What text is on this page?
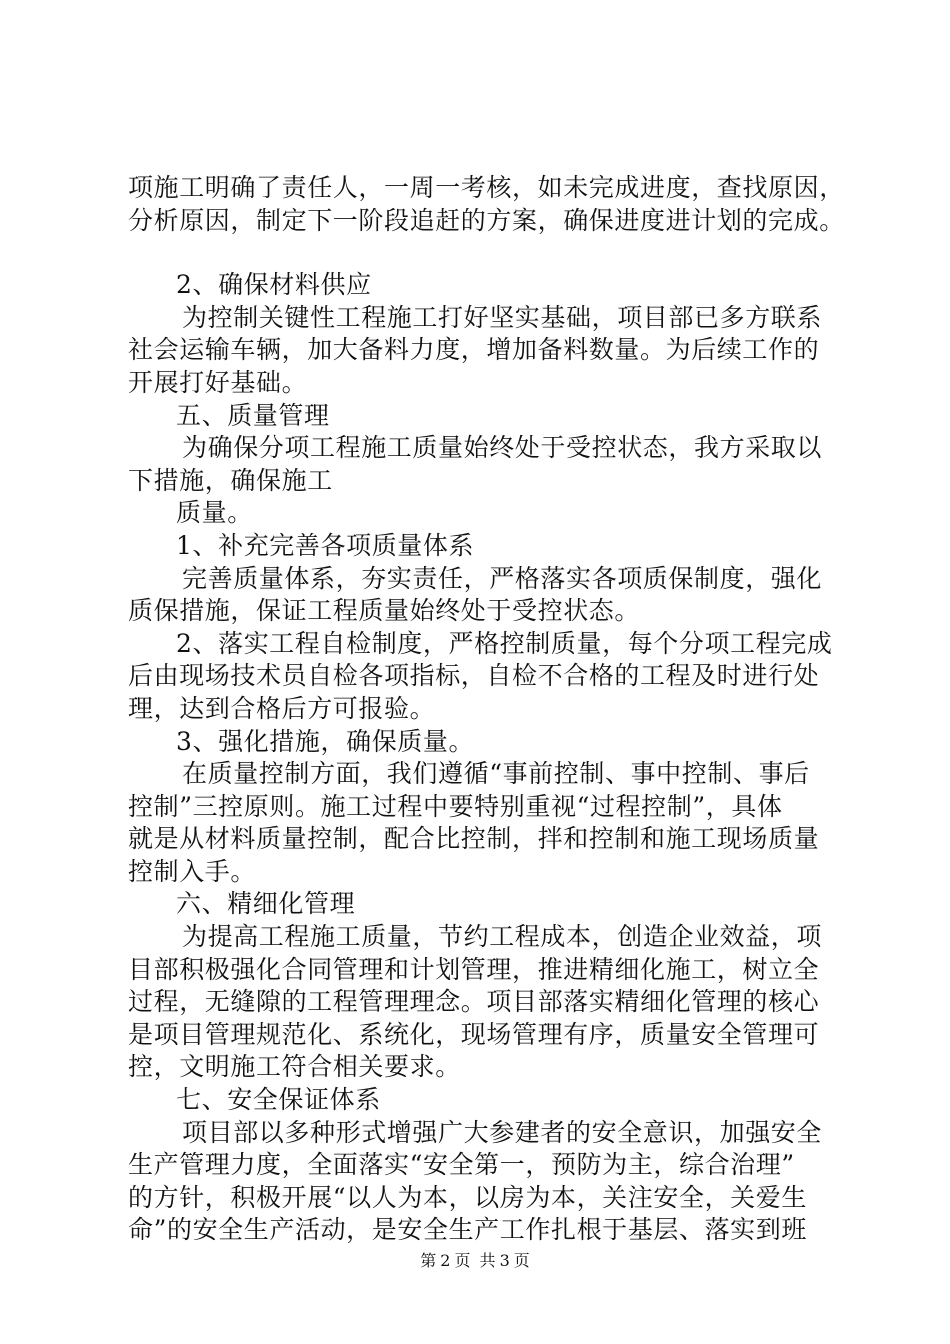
项施工明确了责任人，一周一考核，如未完成进度，查找原因，
分析原因，制定下一阶段追赶的方案，确保进度进计划的完成。
2、确保材料供应
为控制关键性工程施工打好坚实基础，项目部已多方联系
社会运输车辆，加大备料力度，增加备料数量。为后续工作的
开展打好基础。
五、质量管理
为确保分项工程施工质量始终处于受控状态，我方采取以
下措施，确保施工
质量。
1、补充完善各项质量体系
完善质量体系，夯实责任，严格落实各项质保制度，强化
质保措施，保证工程质量始终处于受控状态。
2、落实工程自检制度，严格控制质量，每个分项工程完成
后由现场技术员自检各项指标，自检不合格的工程及时进行处
理，达到合格后方可报验。
3、强化措施，确保质量。
在质量控制方面，我们遵循“事前控制、事中控制、事后
控制”三控原则。施工过程中要特别重视“过程控制”，具体
就是从材料质量控制，配合比控制，拌和控制和施工现场质量
控制入手。
六、精细化管理
为提高工程施工质量，节约工程成本，创造企业效益，项
目部积极强化合同管理和计划管理，推进精细化施工，树立全
过程，无缝隙的工程管理理念。项目部落实精细化管理的核心
是项目管理规范化、系统化，现场管理有序，质量安全管理可
控，文明施工符合相关要求。
七、安全保证体系
项目部以多种形式增强广大参建者的安全意识，加强安全
生产管理力度，全面落实“安全第一，预防为主，综合治理”
的方针，积极开展“以人为本，以房为本，关注安全，关爱生
命”的安全生产活动，是安全生产工作扎根于基层、落实到班
第 2 页 共 3 页
